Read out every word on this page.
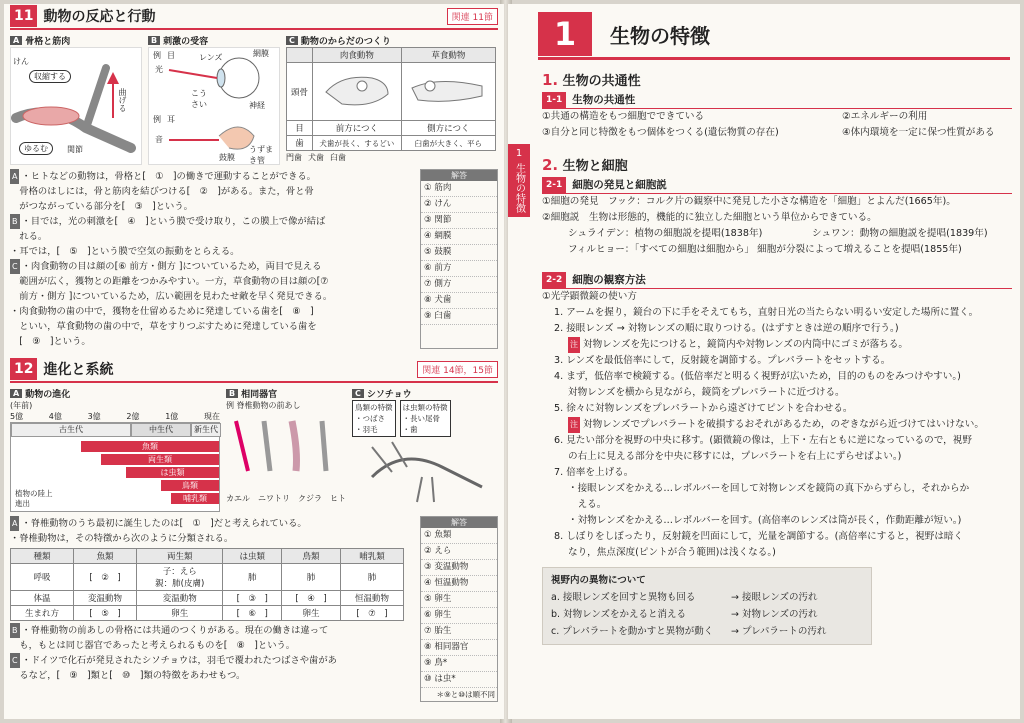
11 動物の反応と行動	関連 11節
A 骨格と筋肉
けん
収縮する
曲げる
ゆるむ	関節
B 刺激の受容
例 目
光
レンズ	網膜
こうさい	神経
例 耳
音
鼓膜
うずまき管
C 動物のからだのつくり
	肉食動物	草食動物
頭骨		
目	前方につく	側方につく
歯	犬歯が長く、するどい	臼歯が大きく、平ら
門歯 犬歯 臼歯

A ・ヒトなどの動物は，骨格と[　①　]の働きで運動することができる。

　骨格のはしには，骨と筋肉を結びつける[　②　]がある。また，骨と骨

　がつながっている部分を[　③　]という。

B ・目では，光の刺激を[　④　]という膜で受け取り，この膜上で像が結ば

　れる。

・耳では，[　⑤　]という膜で空気の振動をとらえる。

C ・肉食動物の目は顔の[⑥ 前方・側方 ]についているため，両目で見える

　範囲が広く，獲物との距離をつかみやすい。一方，草食動物の目は顔の[⑦

　前方・側方 ]についているため，広い範囲を見わたせ敵を早く発見できる。

・肉食動物の歯の中で，獲物を仕留めるために発達している歯を[　⑧　]

　といい，草食動物の歯の中で，草をすりつぶすために発達している歯を

　[　⑨　]という。

解答
① 筋肉
② けん
③ 関節
④ 網膜
⑤ 鼓膜
⑥ 前方
⑦ 側方
⑧ 犬歯
⑨ 臼歯
12 進化と系統	関連 14節，15節
A 動物の進化
(年前)
5億	4億	3億	2億	1億	現在
古生代	中生代	新生代
魚類
両生類
は虫類
鳥類
哺乳類
植物の陸上進出
B 相同器官
例 脊椎動物の前あし
カエル ニワトリ クジラ ヒト
C シソチョウ
鳥類の特徴
・つばさ
・羽毛
は虫類の特徴
・長い尾骨
・歯

A ・脊椎動物のうち最初に誕生したのは[　①　]だと考えられている。

・脊椎動物は，その特徴から次のように分類される。

種類	魚類	両生類	は虫類	鳥類	哺乳類
呼吸	[　②　]	子：えら
親：肺(皮膚)	肺	肺	肺
体温	変温動物	変温動物	[　③　]	[　④　]	恒温動物
生まれ方	[　⑤　]	卵生	[　⑥　]	卵生	[　⑦　]

B ・脊椎動物の前あしの骨格には共通のつくりがある。現在の働きは違って

　も，もとは同じ器官であったと考えられるものを[　⑧　]という。

C ・ドイツで化石が発見されたシソチョウは，羽毛で覆われたつばさや歯があ

　るなど，[　⑨　]類と[　⑩　]類の特徴をあわせもつ。

解答
① 魚類
② えら
③ 変温動物
④ 恒温動物
⑤ 卵生
⑥ 卵生
⑦ 胎生
⑧ 相同器官
⑨ 鳥*
⑩ は虫*
＊⑨と⑩は順不同
1
生物の特徴
1	生物の特徴
1. 生物の共通性
1-1 生物の共通性
①共通の構造をもつ細胞でできている	②エネルギーの利用
③自分と同じ特徴をもつ個体をつくる(遺伝物質の存在)	④体内環境を一定に保つ性質がある
2. 生物と細胞
2-1 細胞の発見と細胞説
①細胞の発見　フック：コルク片の観察中に発見した小さな構造を「細胞」とよんだ(1665年)。
②細胞説　生物は形態的，機能的に独立した細胞という単位からできている。
シュライデン：植物の細胞説を提唱(1838年)	シュワン：動物の細胞説を提唱(1839年)
フィルヒョー：「すべての細胞は細胞から」 細胞が分裂によって増えることを提唱(1855年)
2-2 細胞の観察方法
①光学顕微鏡の使い方
1. アームを握り，鏡台の下に手をそえてもち，直射日光の当たらない明るい安定した場所に置く。
2. 接眼レンズ → 対物レンズの順に取りつける。(はずすときは逆の順序で行う。)
注 対物レンズを先につけると，鏡筒内や対物レンズの内筒中にゴミが落ちる。
3. レンズを最低倍率にして，反射鏡を調節する。プレパラートをセットする。
4. まず，低倍率で検鏡する。(低倍率だと明るく視野が広いため，目的のものをみつけやすい。)
対物レンズを横から見ながら，鏡筒をプレパラートに近づける。
5. 徐々に対物レンズをプレパラートから遠ざけてピントを合わせる。
注 対物レンズでプレパラートを破損するおそれがあるため，のぞきながら近づけてはいけない。
6. 見たい部分を視野の中央に移す。(顕微鏡の像は，上下・左右ともに逆になっているので，視野
の右上に見える部分を中央に移すには，プレパラートを右上にずらせばよい。)
7. 倍率を上げる。
・接眼レンズをかえる…レボルバーを回して対物レンズを鏡筒の真下からずらし，それからか
　える。
・対物レンズをかえる…レボルバーを回す。(高倍率のレンズは筒が長く，作動距離が短い。)
8. しぼりをしぼったり，反射鏡を凹面にして，光量を調節する。(高倍率にすると，視野は暗く
なり，焦点深度(ピントが合う範囲)は浅くなる。)
視野内の異物について
a. 接眼レンズを回すと異物も回る	→ 接眼レンズの汚れ
b. 対物レンズをかえると消える	→ 対物レンズの汚れ
c. プレパラートを動かすと異物が動く	→ プレパラートの汚れ
